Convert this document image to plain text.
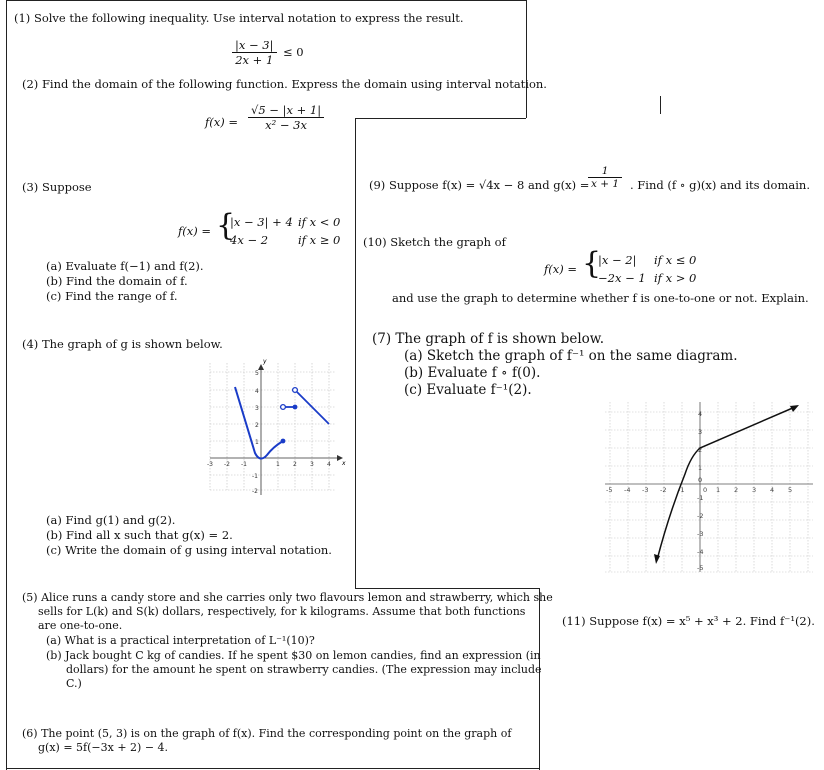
(1) Solve the following inequality. Use interval notation to express the result.
$\frac{|x - 3|}{2x + 1} \le 0$
(2) Find the domain of the following function. Express the domain using interval notation.
$f(x) = \frac{√5 - |x + 1|}{\text{x² − 3x}}$
(3) Suppose
f(x) = {
|x − 3| + 4 if x < 0
4x − 2	if x ≥ 0
(a) Evaluate f(−1) and f(2).
(b) Find the domain of f.
(c) Find the range of f.
(4) The graph of g is shown below.
y
x
-3 -2 -1	1 2 3 4
5
4
3
2
1
-1
-2
(a) Find g(1) and g(2).
(b) Find all x such that g(x) = 2.
(c) Write the domain of g using interval notation.
(5) Alice runs a candy store and she carries only two flavours lemon and strawberry, which she
sells for L(k) and S(k) dollars, respectively, for k kilograms. Assume that both functions
are one-to-one.
(a) What is a practical interpretation of L⁻¹(10)?
(b) Jack bought C kg of candies. If he spent $30 on lemon candies, find an expression (in
dollars) for the amount he spent on strawberry candies. (The expression may include
C.)
(6) The point (5, 3) is on the graph of f(x). Find the corresponding point on the graph of
g(x) = 5f(−3x + 2) − 4.
(9) Suppose f(x) = √4x − 8 and g(x) =
$\frac{1}{x + 1}$ . Find (f ∘ g)(x) and its domain.
(10) Sketch the graph of
f(x) = {
|x − 2| if x ≤ 0
−2x − 1 if x > 0
and use the graph to determine whether f is one-to-one or not. Explain.
(7) The graph of f is shown below.
(a) Sketch the graph of f⁻¹ on the same diagram.
(b) Evaluate f ∘ f(0).
(c) Evaluate f⁻¹(2).
-5 -4 -3 -2 -1	0 1 2 3 4 5
4
3
2
1
0
-1
-2
-3
-4
-5
(11) Suppose f(x) = x⁵ + x³ + 2. Find f⁻¹(2).
